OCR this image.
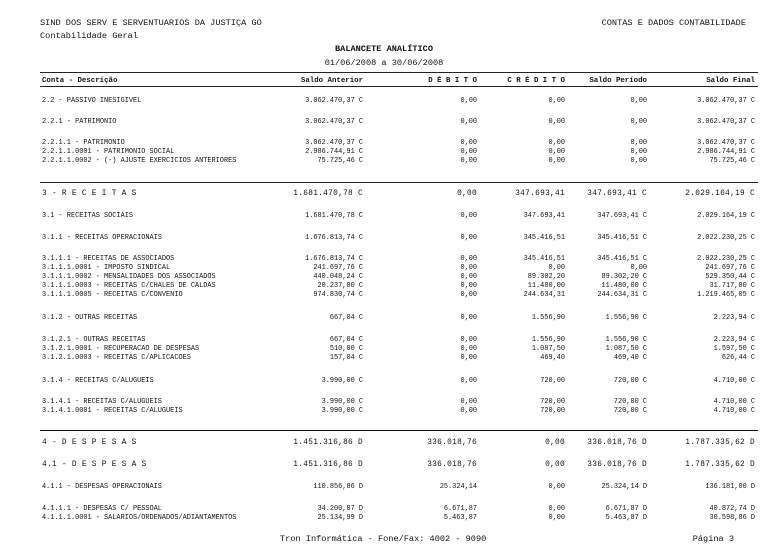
SIND DOS SERV E SERVENTUARIOS DA JUSTIÇA GO
Contabilidade Geral
CONTAS E DADOS CONTABILIDADE
BALANCETE ANALÍTICO
01/06/2008 a 30/06/2008
Conta - Descrição	Saldo Anterior	D É B I T O	C R É D I T O	Saldo Período	Saldo Final
2.2 - PASSIVO INESIGIVEL	3.062.470,37 C	0,00	0,00	0,00	3.062.470,37 C
2.2.1 - PATRIMONIO	3.062.470,37 C	0,00	0,00	0,00	3.062.470,37 C
2.2.1.1 - PATRIMONIO	3.062.470,37 C	0,00	0,00	0,00	3.062.470,37 C
2.2.1.1.0001 - PATRIMONIO SOCIAL	2.986.744,91 C	0,00	0,00	0,00	2.986.744,91 C
2.2.1.1.0002 - (-) AJUSTE EXERCICIOS ANTERIORES	75.725,46 C	0,00	0,00	0,00	75.725,46 C
3 - R E C E I T A S	1.681.470,78 C	0,00	347.693,41	347.693,41 C	2.029.164,19 C
3.1 - RECEITAS SOCIAIS	1.681.470,78 C	0,00	347.693,41	347.693,41 C	2.029.164,19 C
3.1.1 - RECEITAS OPERACIONAIS	1.676.813,74 C	0,00	345.416,51	345.416,51 C	2.022.230,25 C
3.1.1.1 - RECEITAS DE ASSOCIADOS	1.676.813,74 C	0,00	345.416,51	345.416,51 C	2.022.230,25 C
3.1.1.1.0001 - IMPOSTO SINDICAL	241.697,76 C	0,00	0,00	0,00	241.697,76 C
3.1.1.1.0002 - MENSALIDADES DOS ASSOCIADOS	440.048,24 C	0,00	89.302,20	89.302,20 C	529.350,44 C
3.1.1.1.0003 - RECEITAS C/CHALES DE CALDAS	20.237,00 C	0,00	11.480,00	11.480,00 C	31.717,00 C
3.1.1.1.0005 - RECEITAS C/CONVENIO	974.830,74 C	0,00	244.634,31	244.634,31 C	1.219.465,05 C
3.1.2 - OUTRAS RECEITAS	667,04 C	0,00	1.556,90	1.556,90 C	2.223,94 C
3.1.2.1 - OUTRAS RECEITAS	667,04 C	0,00	1.556,90	1.556,90 C	2.223,94 C
3.1.2.1.0001 - RECUPERACAO DE DESPESAS	510,00 C	0,00	1.087,50	1.087,50 C	1.597,50 C
3.1.2.1.0003 - RECEITAS C/APLICACOES	157,04 C	0,00	469,40	469,40 C	626,44 C
3.1.4 - RECEITAS C/ALUGUEIS	3.990,00 C	0,00	720,00	720,00 C	4.710,00 C
3.1.4.1 - RECEITAS C/ALUGUEIS	3.990,00 C	0,00	720,00	720,00 C	4.710,00 C
3.1.4.1.0001 - RECEITAS C/ALUGUEIS	3.990,00 C	0,00	720,00	720,00 C	4.710,00 C
4 - D E S P E S A S	1.451.316,86 D	336.018,76	0,00	336.018,76 D	1.787.335,62 D
4.1 - D E S P E S A S	1.451.316,86 D	336.018,76	0,00	336.018,76 D	1.787.335,62 D
4.1.1 - DESPESAS OPERACIONAIS	110.856,86 D	25.324,14	0,00	25.324,14 D	136.181,00 D
4.1.1.1 - DESPESAS C/ PESSOAL	34.200,87 D	6.671,87	0,00	6.671,87 D	40.872,74 D
4.1.1.1.0001 - SALARIOS/ORDENADOS/ADIANTAMENTOS	25.134,99 D	5.463,87	0,00	5.463,87 D	30.598,86 D
Tron Informática - Fone/Fax: 4002 - 9090	Página 3
